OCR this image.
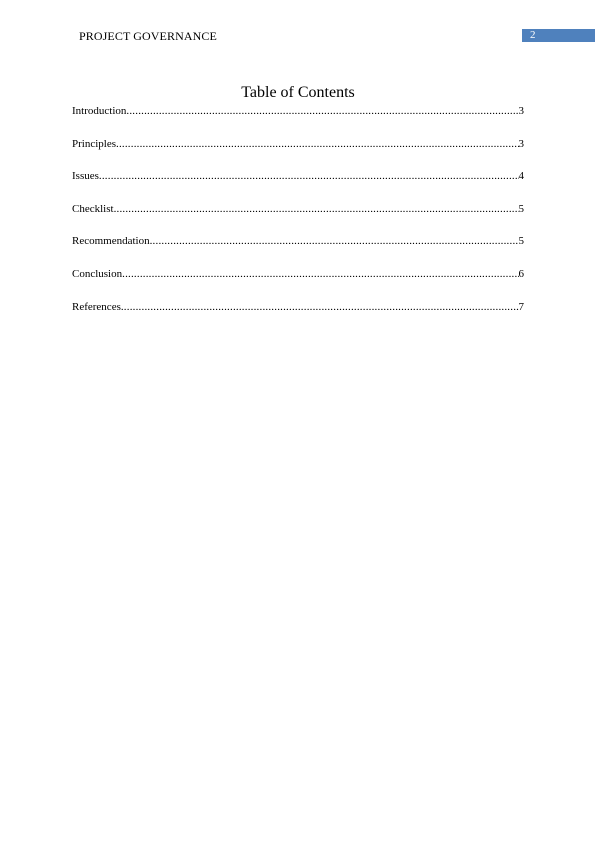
PROJECT GOVERNANCE	2
Table of Contents
Introduction .....	3
Principles .....	3
Issues .....	4
Checklist .....	5
Recommendation .....	5
Conclusion .....	6
References .....	7
